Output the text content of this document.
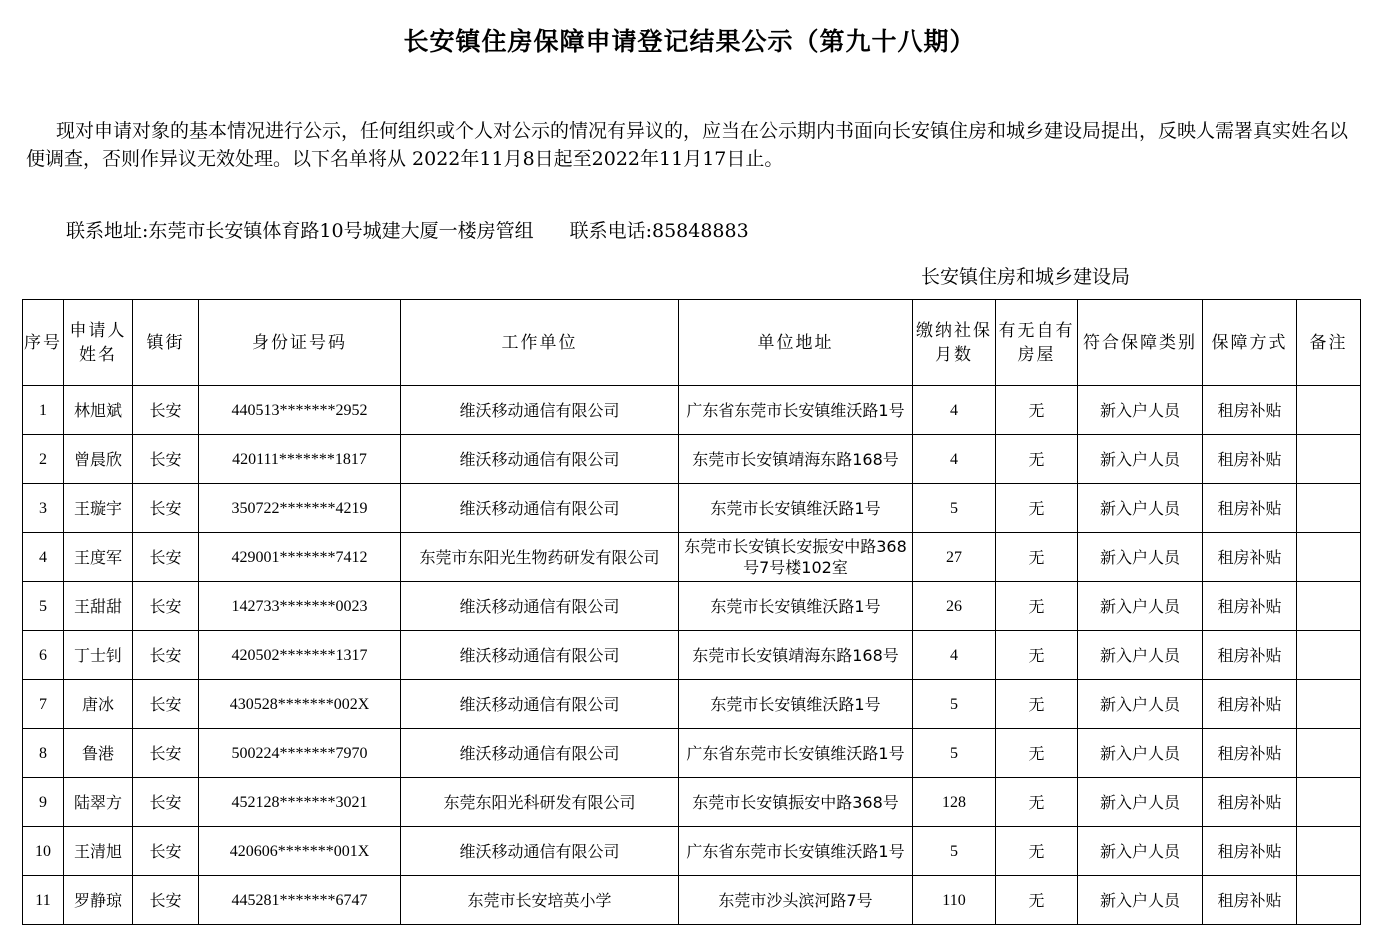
长安镇住房保障申请登记结果公示（第九十八期）
现对申请对象的基本情况进行公示，任何组织或个人对公示的情况有异议的，应当在公示期内书面向长安镇住房和城乡建设局提出，反映人需署真实姓名以便调查，否则作异议无效处理。以下名单将从 2022年11月8日起至2022年11月17日止。
联系地址:东莞市长安镇体育路10号城建大厦一楼房管组 联系电话:85848883
长安镇住房和城乡建设局
序号	申请人姓名	镇街	身份证号码	工作单位	单位地址	缴纳社保月数	有无自有房屋	符合保障类别	保障方式	备注
1	林旭斌	长安	440513*******2952	维沃移动通信有限公司	广东省东莞市长安镇维沃路1号	4	无	新入户人员	租房补贴	
2	曾晨欣	长安	420111*******1817	维沃移动通信有限公司	东莞市长安镇靖海东路168号	4	无	新入户人员	租房补贴	
3	王璇宇	长安	350722*******4219	维沃移动通信有限公司	东莞市长安镇维沃路1号	5	无	新入户人员	租房补贴	
4	王度军	长安	429001*******7412	东莞市东阳光生物药研发有限公司	东莞市长安镇长安振安中路368号7号楼102室	27	无	新入户人员	租房补贴	
5	王甜甜	长安	142733*******0023	维沃移动通信有限公司	东莞市长安镇维沃路1号	26	无	新入户人员	租房补贴	
6	丁士钊	长安	420502*******1317	维沃移动通信有限公司	东莞市长安镇靖海东路168号	4	无	新入户人员	租房补贴	
7	唐冰	长安	430528*******002X	维沃移动通信有限公司	东莞市长安镇维沃路1号	5	无	新入户人员	租房补贴	
8	鲁港	长安	500224*******7970	维沃移动通信有限公司	广东省东莞市长安镇维沃路1号	5	无	新入户人员	租房补贴	
9	陆翠方	长安	452128*******3021	东莞东阳光科研发有限公司	东莞市长安镇振安中路368号	128	无	新入户人员	租房补贴	
10	王清旭	长安	420606*******001X	维沃移动通信有限公司	广东省东莞市长安镇维沃路1号	5	无	新入户人员	租房补贴	
11	罗静琼	长安	445281*******6747	东莞市长安培英小学	东莞市沙头滨河路7号	110	无	新入户人员	租房补贴	
